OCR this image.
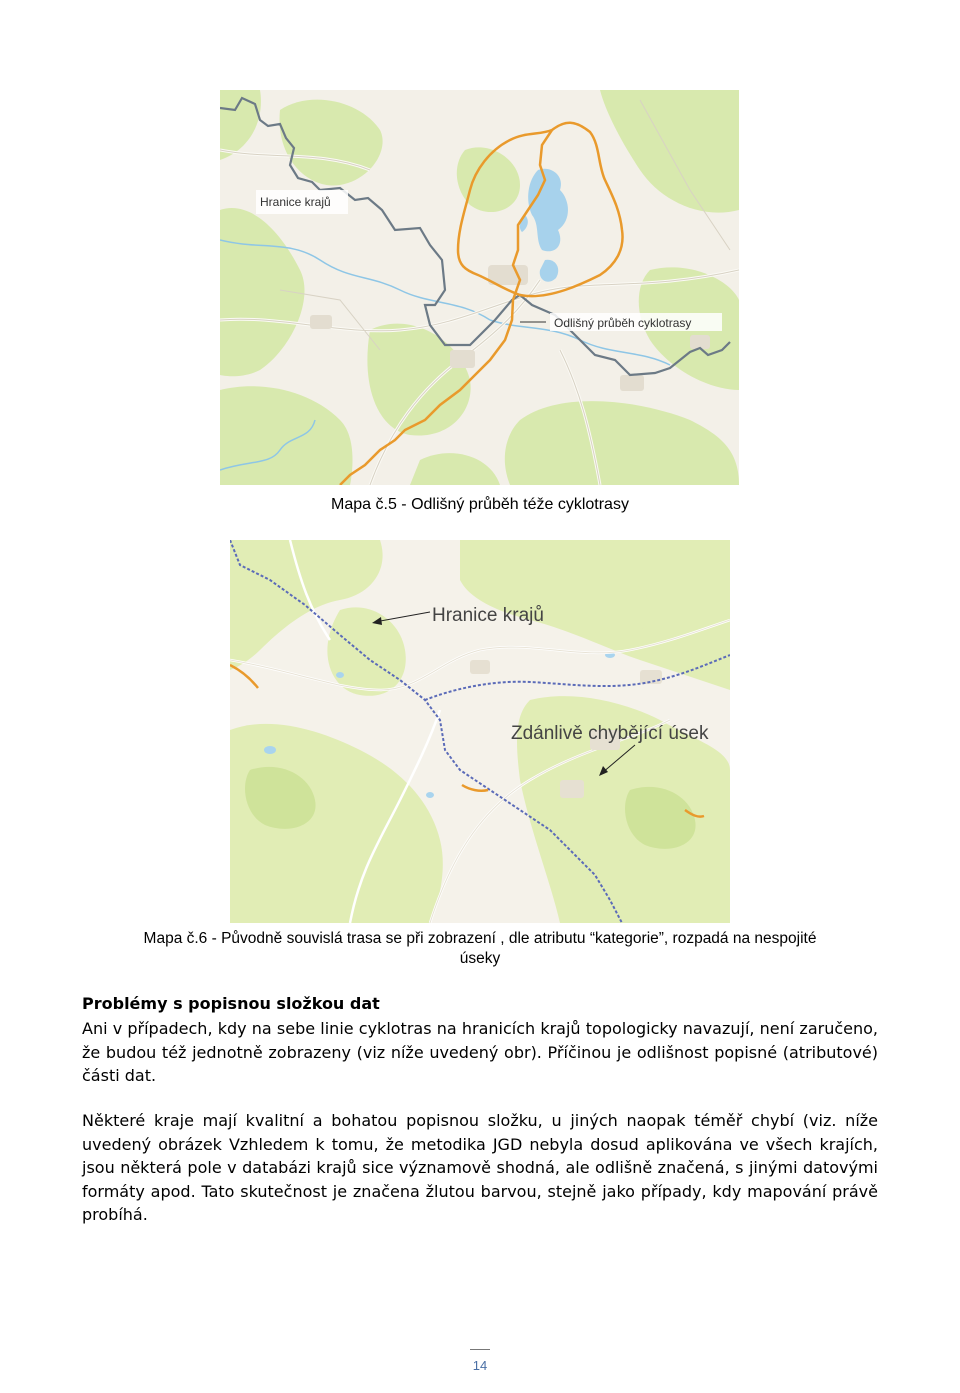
Hranice krajů
Odlišný průběh cyklotrasy
Mapa č.5 - Odlišný průběh téže cyklotrasy
Hranice krajů
Zdánlivě chybějící úsek
Mapa č.6 - Původně souvislá trasa se při zobrazení , dle atributu “kategorie”, rozpadá na nespojité
úseky
Problémy s popisnou složkou dat

Ani v případech, kdy na sebe linie cyklotras na hranicích krajů topologicky navazují, není zaručeno, že budou též jednotně zobrazeny (viz níže uvedený obr). Příčinou je odlišnost popisné (atributové) části dat.

Některé kraje mají kvalitní a bohatou popisnou složku, u jiných naopak téměř chybí (viz. níže uvedený obrázek Vzhledem k tomu, že metodika JGD nebyla dosud aplikována ve všech krajích, jsou některá pole v databázi krajů sice významově shodná, ale odlišně značená, s jinými datovými formáty apod. Tato skutečnost je značena žlutou barvou, stejně jako případy, kdy mapování právě probíhá.

14
